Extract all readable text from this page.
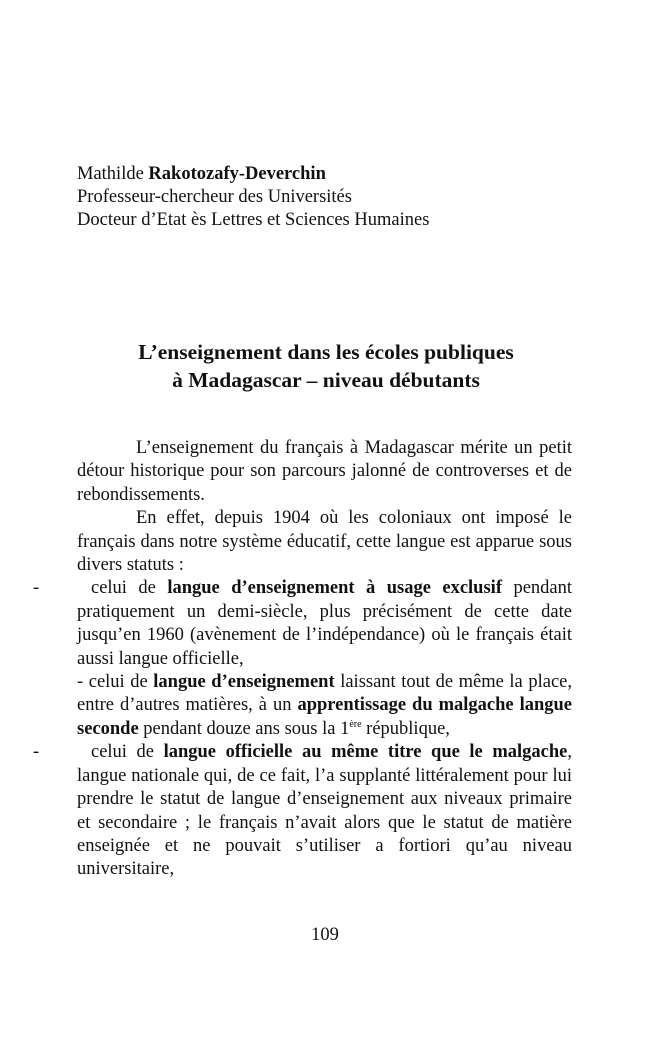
Mathilde Rakotozafy-Deverchin
Professeur-chercheur des Universités
Docteur d’Etat ès Lettres et Sciences Humaines
L’enseignement dans les écoles publiques
à Madagascar – niveau débutants

L’enseignement du français à Madagascar mérite un petit détour historique pour son parcours jalonné de controverses et de rebondissements.

En effet, depuis 1904 où les coloniaux ont imposé le français dans notre système éducatif, cette langue est apparue sous divers statuts :

-	celui de langue d’enseignement à usage exclusif pendant pratiquement un demi-siècle, plus précisément de cette date jusqu’en 1960 (avènement de l’indépendance) où le français était aussi langue officielle,

- celui de langue d’enseignement laissant tout de même la place, entre d’autres matières, à un apprentissage du malgache langue seconde pendant douze ans sous la 1ère république,

-	celui de langue officielle au même titre que le malgache, langue nationale qui, de ce fait, l’a supplanté littéralement pour lui prendre le statut de langue d’enseignement aux niveaux primaire et secondaire ; le français n’avait alors que le statut de matière enseignée et ne pouvait s’utiliser a fortiori qu’au niveau universitaire,

109
